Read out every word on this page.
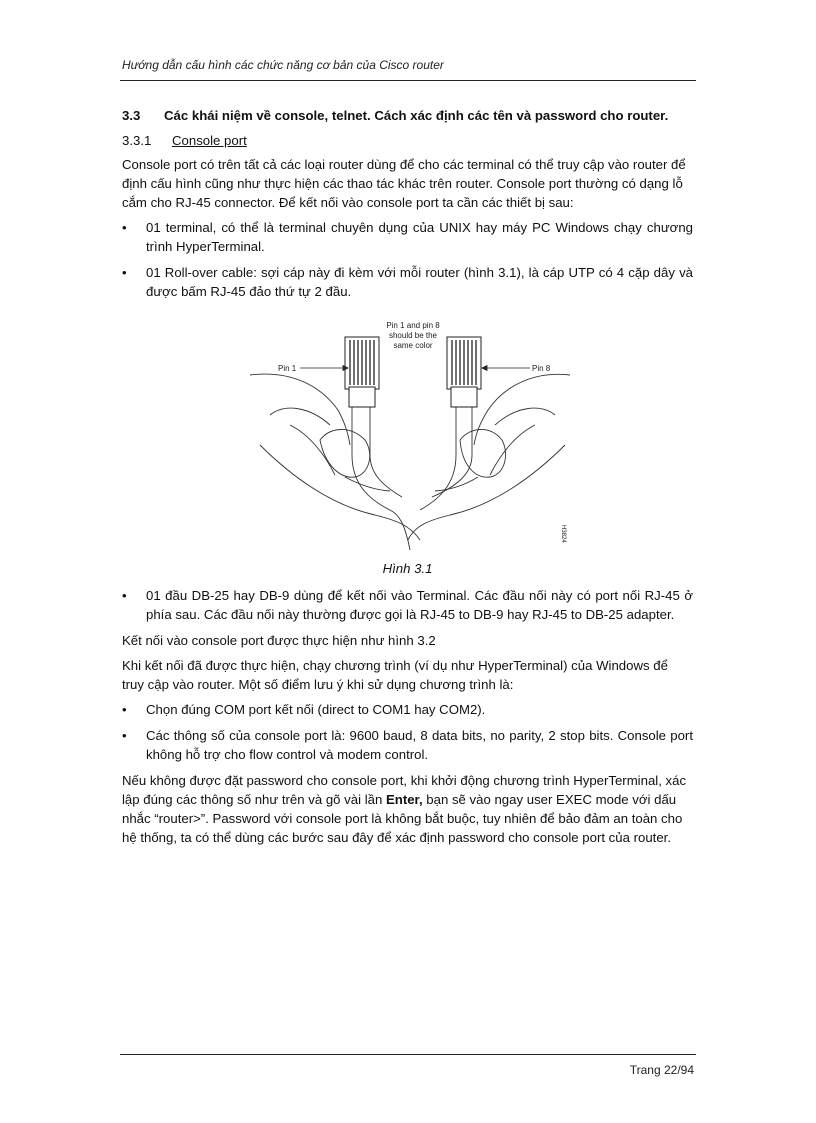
Hướng dẫn cấu hình các chức năng cơ bản của Cisco router
3.3	Các khái niệm về console, telnet. Cách xác định các tên và password cho router.
3.3.1	Console port

Console port có trên tất cả các loại router dùng để cho các terminal có thể truy cập vào router để định cấu hình cũng như thực hiện các thao tác khác trên router. Console port thường có dạng lỗ cắm cho RJ-45 connector. Để kết nối vào console port ta cần các thiết bị sau:

•	01 terminal, có thể là terminal chuyên dụng của UNIX hay máy PC Windows chạy chương trình HyperTerminal.
•	01 Roll-over cable: sợi cáp này đi kèm với mỗi router (hình 3.1), là cáp UTP có 4 cặp dây và được bấm RJ-45 đảo thứ tự 2 đầu.
Pin 1	Pin 8
Pin 1 and pin 8
should be the
same color
H3824
Hình 3.1
•	01 đầu DB-25 hay DB-9 dùng để kết nối vào Terminal. Các đầu nối này có port nối RJ-45 ở phía sau. Các đầu nối này thường được gọi là RJ-45 to DB-9 hay RJ-45 to DB-25 adapter.

Kết nối vào console port được thực hiện như hình 3.2

Khi kết nối đã được thực hiện, chạy chương trình (ví dụ như HyperTerminal) của Windows để truy cập vào router. Một số điểm lưu ý khi sử dụng chương trình là:

•	Chọn đúng COM port kết nối (direct to COM1 hay COM2).
•	Các thông số của console port là: 9600 baud, 8 data bits, no parity, 2 stop bits. Console port không hỗ trợ cho flow control và modem control.

Nếu không được đặt password cho console port, khi khởi động chương trình HyperTerminal, xác lập đúng các thông số như trên và gõ vài lần Enter, bạn sẽ vào ngay user EXEC mode với dấu nhắc “router>”. Password với console port là không bắt buộc, tuy nhiên để bảo đảm an toàn cho hệ thống, ta có thể dùng các bước sau đây để xác định password cho console port của router.

Trang 22/94
